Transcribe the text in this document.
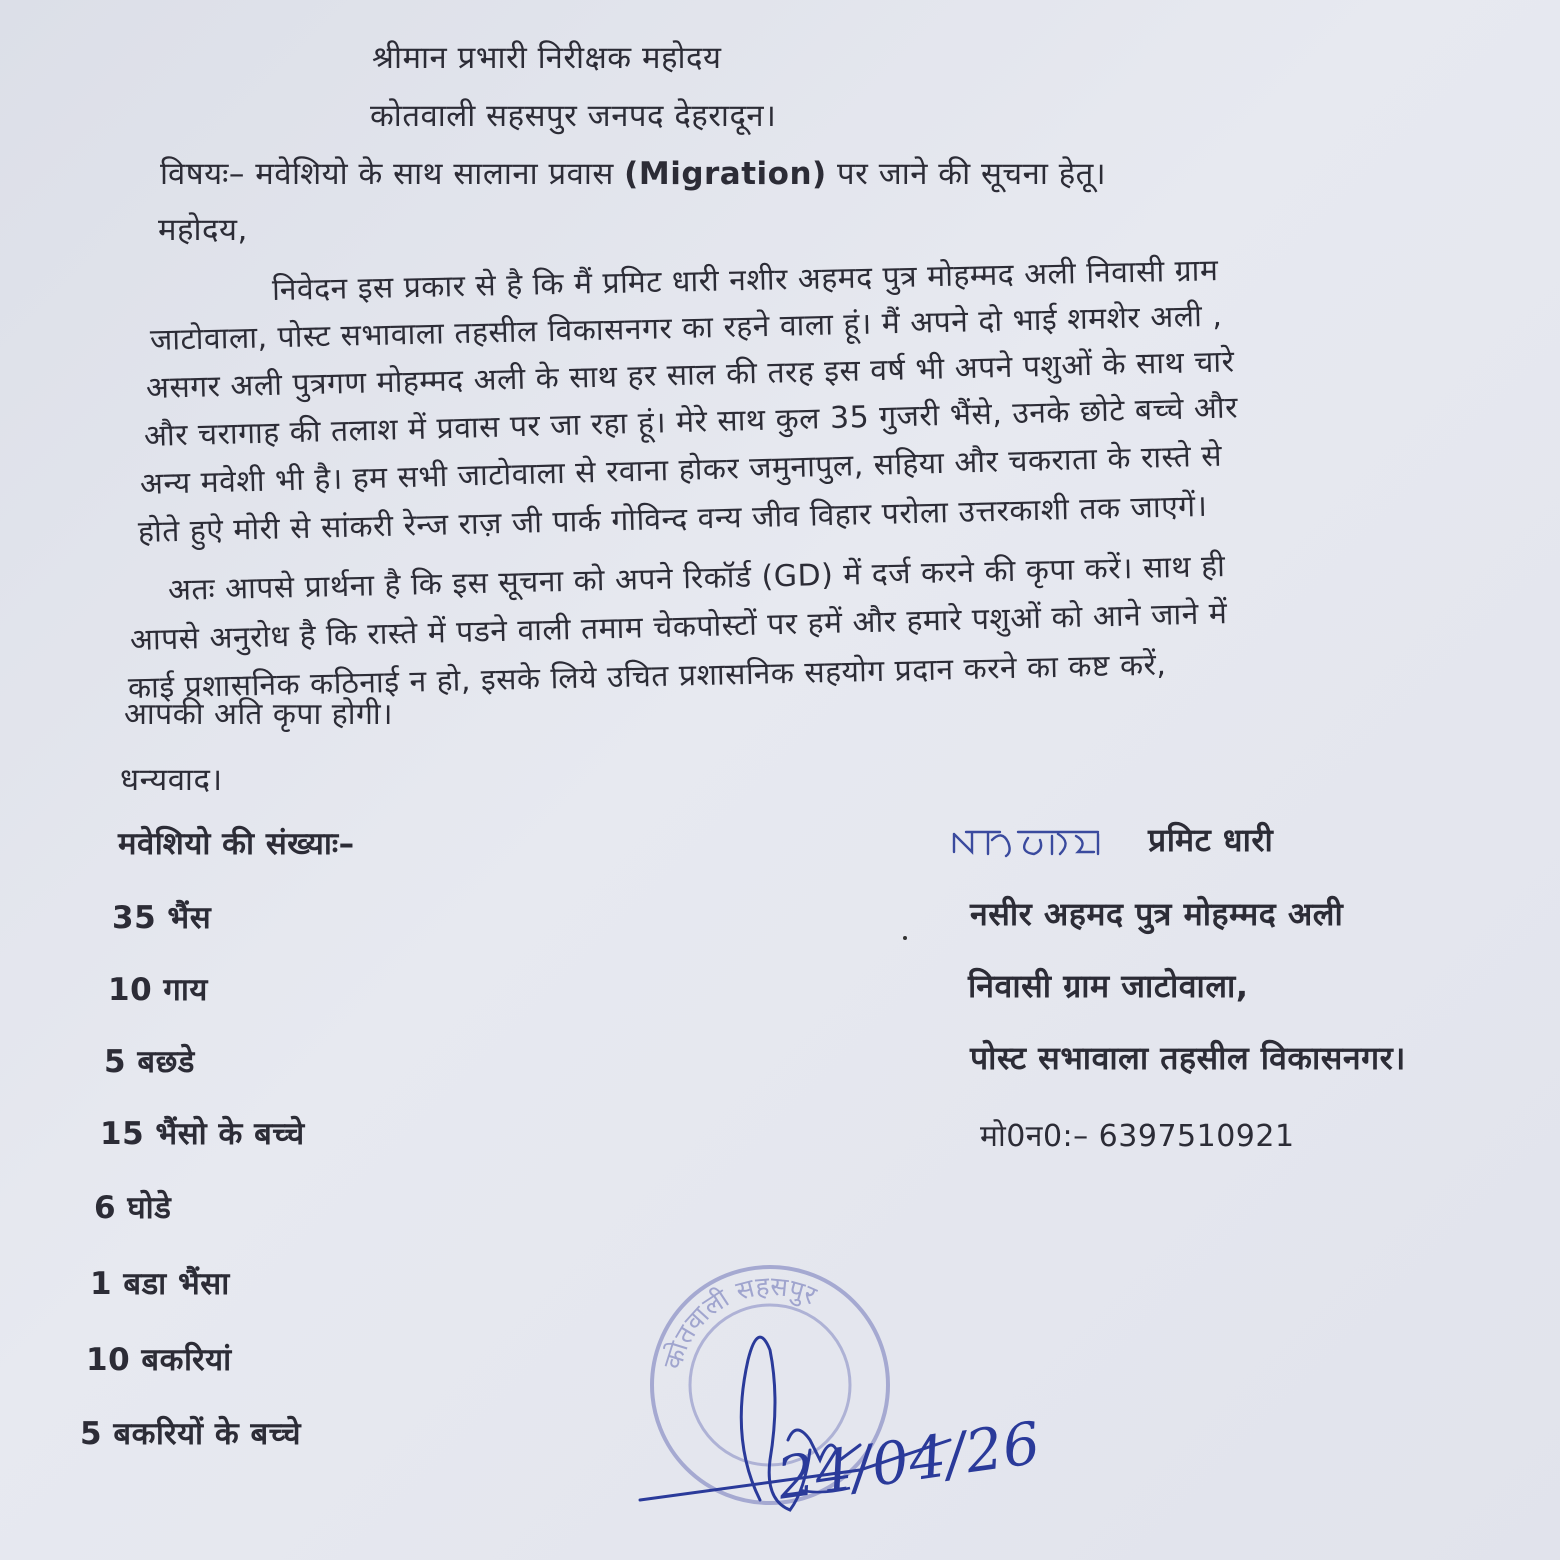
श्रीमान प्रभारी निरीक्षक महोदय
कोतवाली सहसपुर जनपद देहरादून।
विषयः– मवेशियो के साथ सालाना प्रवास (Migration) पर जाने की सूचना हेतू।
महोदय,
निवेदन इस प्रकार से है कि मैं प्रमिट धारी नशीर अहमद पुत्र मोहम्मद अली निवासी ग्राम
जाटोवाला, पोस्ट सभावाला तहसील विकासनगर का रहने वाला हूं। मैं अपने दो भाई शमशेर अली ,
असगर अली पुत्रगण मोहम्मद अली के साथ हर साल की तरह इस वर्ष भी अपने पशुओं के साथ चारे
और चरागाह की तलाश में प्रवास पर जा रहा हूं। मेरे साथ कुल 35 गुजरी भैंसे, उनके छोटे बच्चे और
अन्य मवेशी भी है। हम सभी जाटोवाला से रवाना होकर जमुनापुल, सहिया और चकराता के रास्ते से
होते हुऐ मोरी से सांकरी रेन्ज राज़ जी पार्क गोविन्द वन्य जीव विहार परोला उत्तरकाशी तक जाएगें।
अतः आपसे प्रार्थना है कि इस सूचना को अपने रिकॉर्ड (GD) में दर्ज करने की कृपा करें। साथ ही
आपसे अनुरोध है कि रास्ते में पडने वाली तमाम चेकपोस्टों पर हमें और हमारे पशुओं को आने जाने में
काई प्रशासनिक कठिनाई न हो, इसके लिये उचित प्रशासनिक सहयोग प्रदान करने का कष्ट करें,
आपकी अति कृपा होगी।
धन्यवाद।
मवेशियो की संख्याः–
35 भैंस
10 गाय
5 बछडे
15 भैंसो के बच्चे
6 घोडे
1 बडा भैंसा
10 बकरियां
5 बकरियों के बच्चे
प्रमिट धारी
नसीर अहमद पुत्र मोहम्मद अली
निवासी ग्राम जाटोवाला,
पोस्ट सभावाला तहसील विकासनगर।
मो0न0:– 6397510921
कोतवाली सहसपुर
24/04/26
